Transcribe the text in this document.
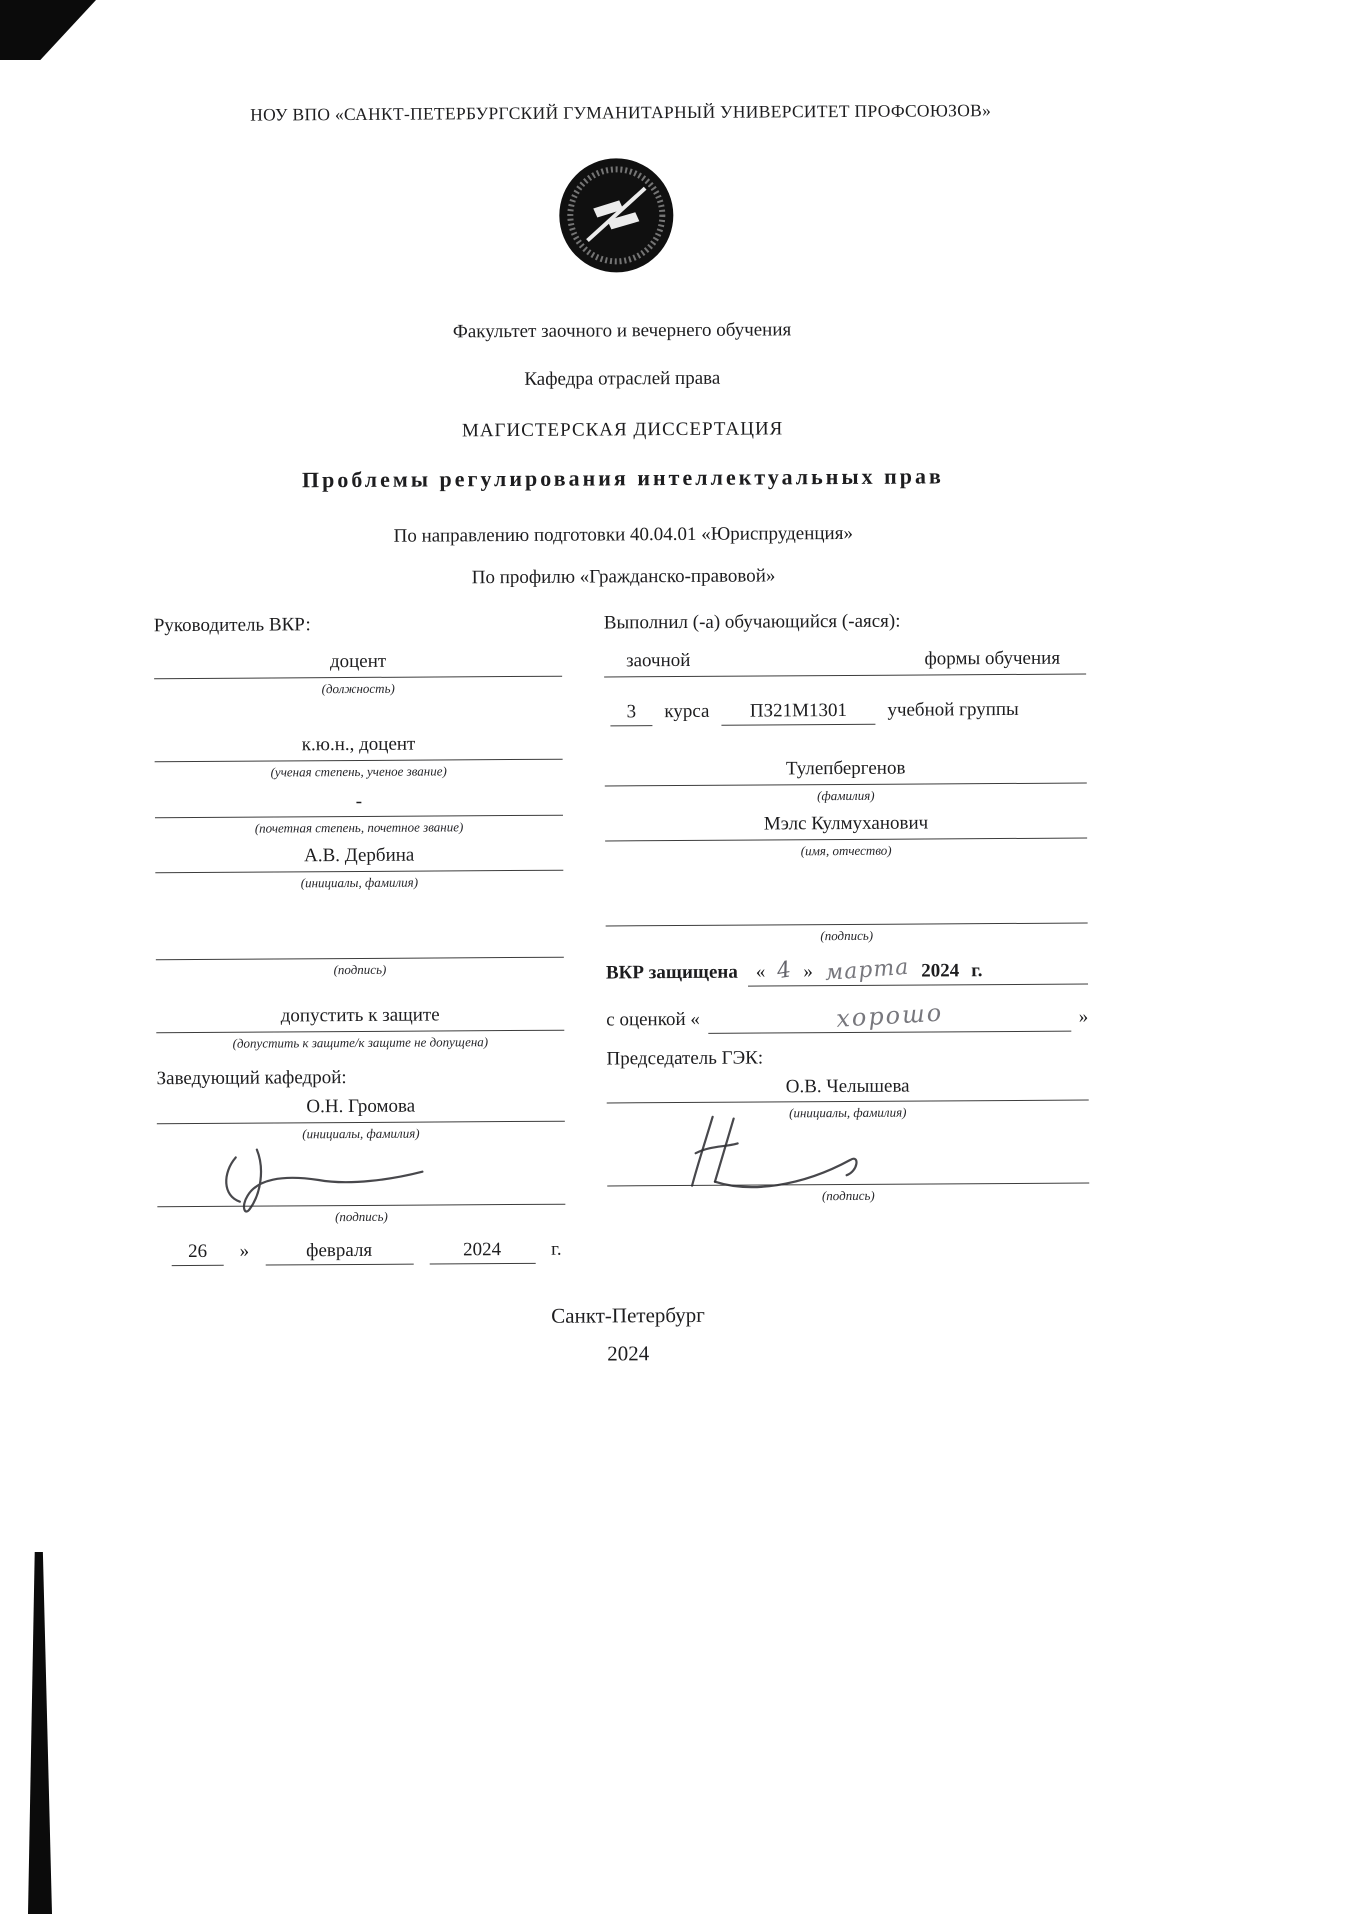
НОУ ВПО «САНКТ-ПЕТЕРБУРГСКИЙ ГУМАНИТАРНЫЙ УНИВЕРСИТЕТ ПРОФСОЮЗОВ»
Факультет заочного и вечернего обучения
Кафедра отраслей права
МАГИСТЕРСКАЯ ДИССЕРТАЦИЯ
Проблемы регулирования интеллектуальных прав
По направлению подготовки 40.04.01 «Юриспруденция»
По профилю «Гражданско-правовой»
Руководитель ВКР:
доцент
(должность)
к.ю.н., доцент
(ученая степень, ученое звание)
-
(почетная степень, почетное звание)
А.В. Дербина
(инициалы, фамилия)
(подпись)
допустить к защите
(допустить к защите/к защите не допущена)
Заведующий кафедрой:
О.Н. Громова
(инициалы, фамилия)
(подпись)
26	»	февраля	2024	г.
Выполнил (-а) обучающийся (-аяся):
заочной	формы обучения
3	курса	ПЗ21М1301	учебной группы
Тулепбергенов
(фамилия)
Мэлс Кулмуханович
(имя, отчество)
(подпись)
ВКР защищена « 4 » марта 2024 г.
с оценкой «	хорошо	»
Председатель ГЭК:
О.В. Челышева
(инициалы, фамилия)
(подпись)
Санкт-Петербург
2024
